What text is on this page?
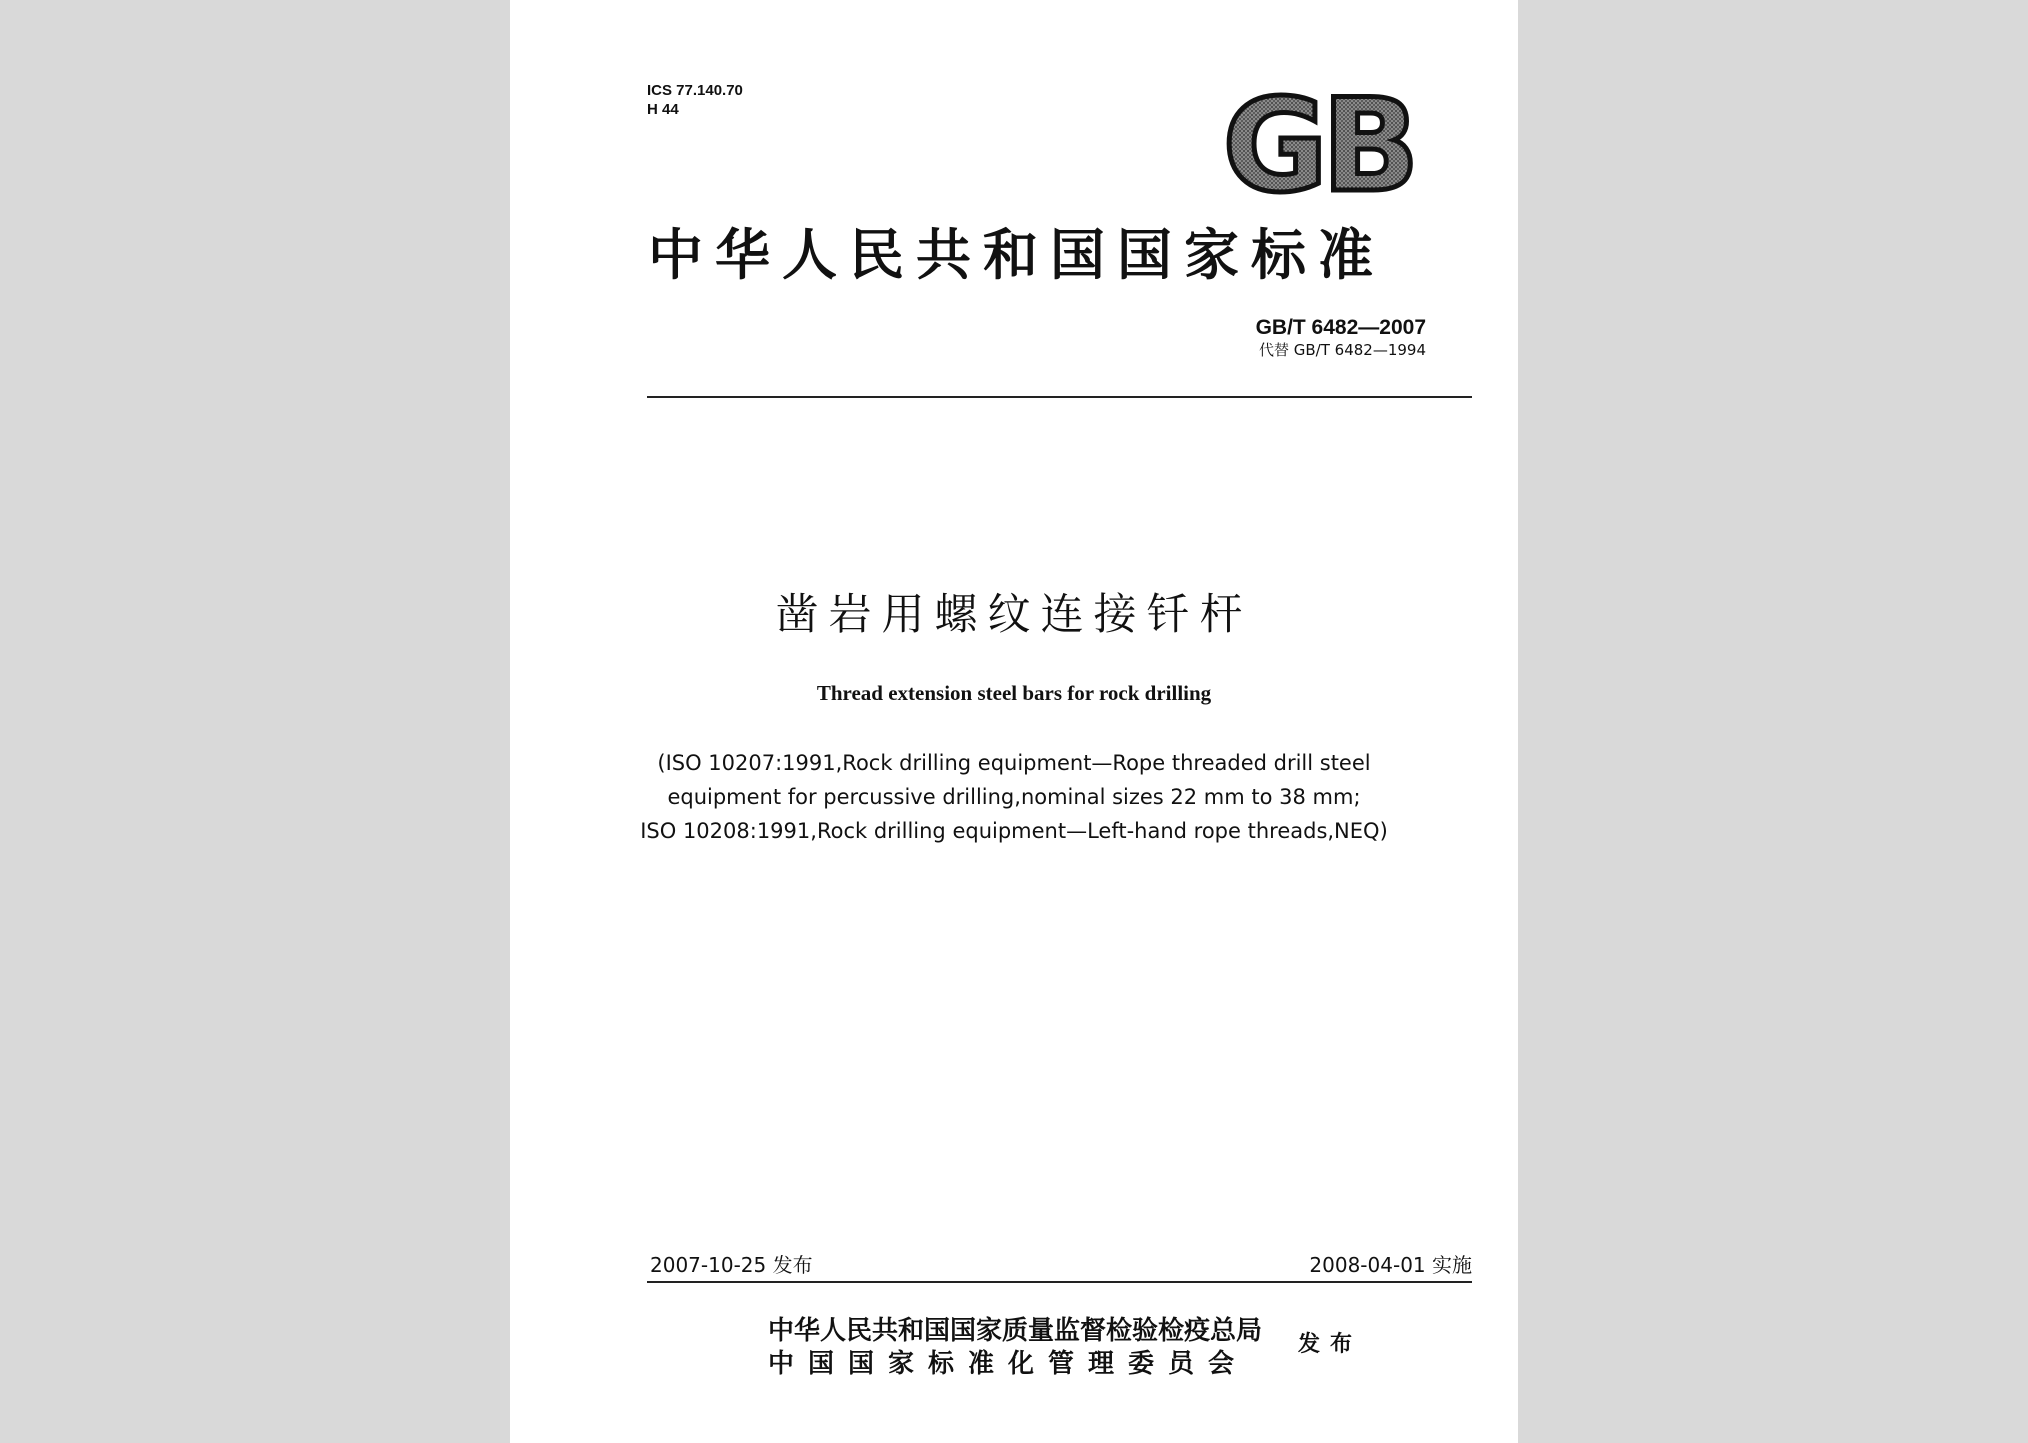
ICS 77.140.70
H 44	GB
中华人民共和国国家标准
GB/T 6482—2007
代替 GB/T 6482—1994
凿岩用螺纹连接钎杆
Thread extension steel bars for rock drilling
(ISO 10207:1991,Rock drilling equipment—Rope threaded drill steel
equipment for percussive drilling,nominal sizes 22 mm to 38 mm;
ISO 10208:1991,Rock drilling equipment—Left-hand rope threads,NEQ)
2007-10-25 发布	2008-04-01 实施
中华人民共和国国家质量监督检验检疫总局
中国国家标准化管理委员会
发布
